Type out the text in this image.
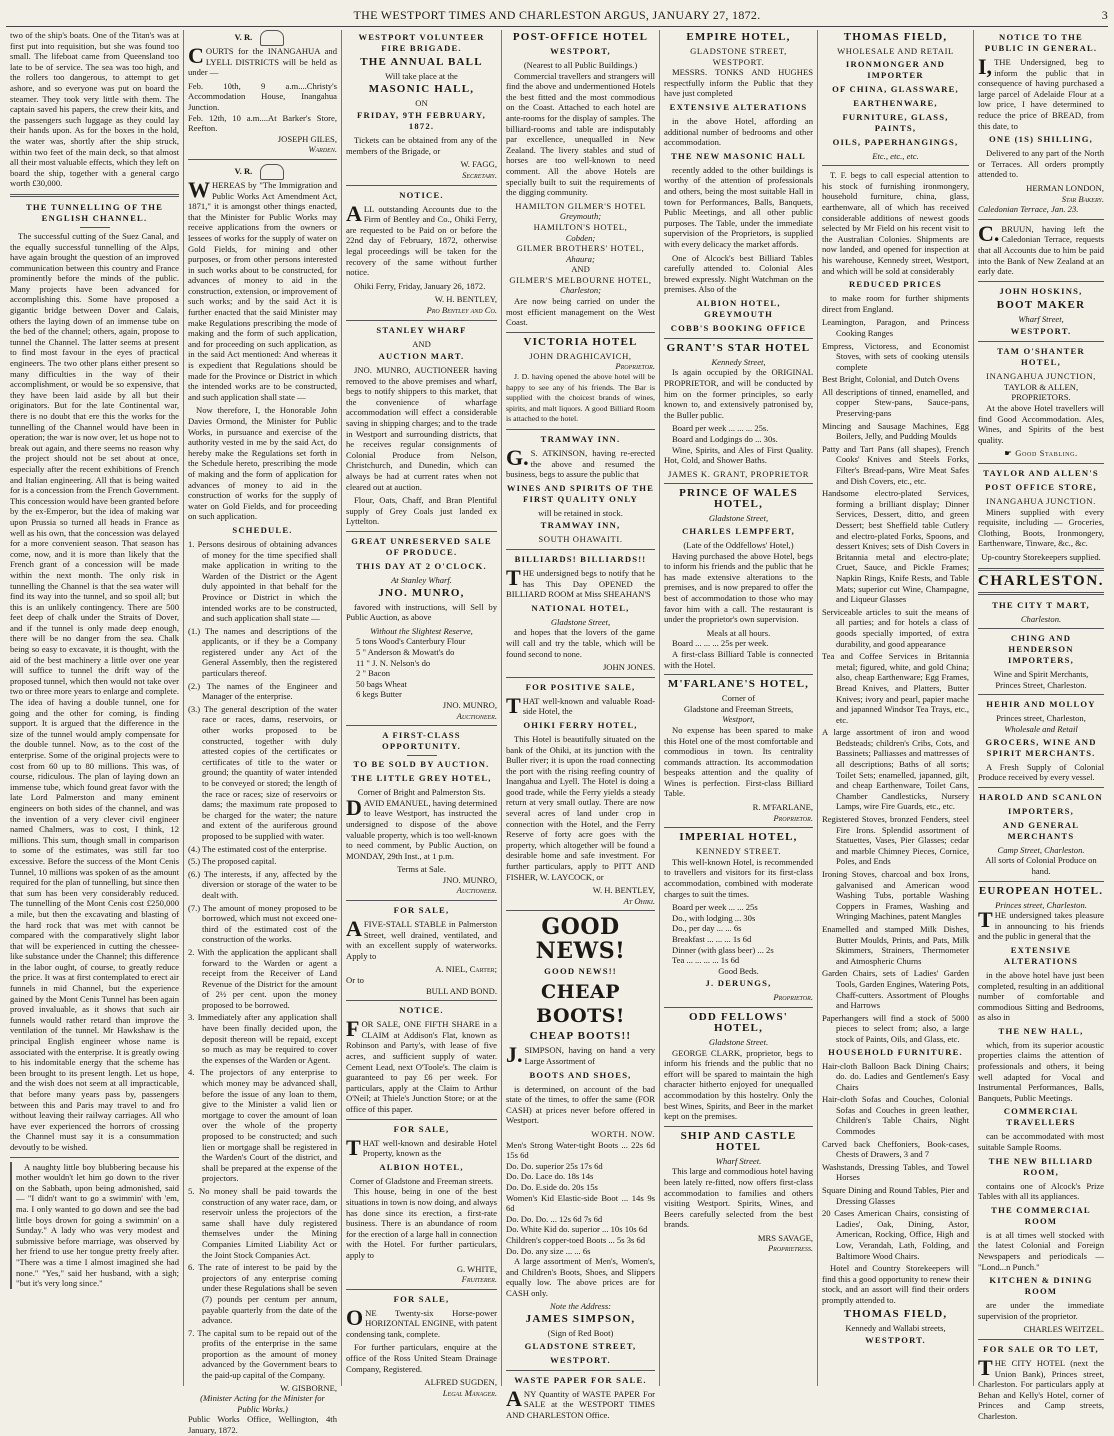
THE WESTPORT TIMES AND CHARLESTON ARGUS, JANUARY 27, 1872.	3

two of the ship's boats. One of the Titan's was at first put into requisition, but she was found too small. The lifeboat came from Queensland too late to be of service. The sea was too high, and the rollers too dangerous, to attempt to get ashore, and so everyone was put on board the steamer. They took very little with them. The captain saved his papers, the crew their kits, and the passengers such luggage as they could lay their hands upon. As for the boxes in the hold, the water was, shortly after the ship struck, within two feet of the main deck, so that almost all their most valuable effects, which they left on board the ship, together with a general cargo worth £30,000.

THE TUNNELLING OF THE ENGLISH CHANNEL.

The successful cutting of the Suez Canal, and the equally successful tunnelling of the Alps, have again brought the question of an improved communication between this country and France prominently before the minds of the public. Many projects have been advanced for accomplishing this. Some have proposed a gigantic bridge between Dover and Calais, others the laying down of an immense tube on the bed of the channel; others, again, propose to tunnel the Channel. The latter seems at present to find most favour in the eyes of practical engineers. The two other plans either present so many difficulties in the way of their accomplishment, or would be so expensive, that they have been laid aside by all but their originators. But for the late Continental war, there is no doubt that ere this the works for the tunnelling of the Channel would have been in operation; the war is now over, let us hope not to break out again, and there seems no reason why the project should not be set about at once, especially after the recent exhibitions of French and Italian engineering. All that is being waited for is a concession from the French Government. This concession would have been granted before by the ex-Emperor, but the idea of making war upon Prussia so turned all heads in France as well as his own, that the concession was delayed for a more convenient season. That season has come, now, and it is more than likely that the French grant of a concession will be made within the next month. The only risk in tunnelling the Channel is that the sea water will find its way into the tunnel, and so spoil all; but this is an unlikely contingency. There are 500 feet deep of chalk under the Straits of Dover, and if the tunnel is only made deep enough, there will be no danger from the sea. Chalk being so easy to excavate, it is thought, with the aid of the best machinery a little over one year will suffice to tunnel the drift way of the proposed tunnel, which then would not take over two or three more years to enlarge and complete. The idea of having a double tunnel, one for going and the other for coming, is finding support. It is argued that the difference in the size of the tunnel would amply compensate for the double tunnel. Now, as to the cost of the enterprise. Some of the original projects were to cost from 60 up to 80 millions. This was, of course, ridiculous. The plan of laying down an immense tube, which found great favor with the late Lord Palmerston and many eminent engineers on both sides of the channel, and was the invention of a very clever civil engineer named Chalmers, was to cost, I think, 12 millions. This sum, though small in comparison to some of the estimates, was still far too excessive. Before the success of the Mont Cenis Tunnel, 10 millions was spoken of as the amount required for the plan of tunnelling, but since then that sum has been very considerably reduced. The tunnelling of the Mont Cenis cost £250,000 a mile, but then the excavating and blasting of the hard rock that was met with cannot be compared with the comparatively slight labor that will be experienced in cutting the chessee-like substance under the Channel; this difference in the labor ought, of course, to greatly reduce the price. It was at first contemplated to erect air funnels in mid Channel, but the experience gained by the Mont Cenis Tunnel has been again proved invaluable, as it shows that such air funnels would rather retard than improve the ventilation of the tunnel. Mr Hawkshaw is the principal English engineer whose name is associated with the enterprise. It is greatly owing to his indomitable energy that the scheme has been brought to its present length. Let us hope, and the wish does not seem at all impracticable, that before many years pass by, passengers between this and Paris may travel to and fro without leaving their railway carriages. All who have ever experienced the horrors of crossing the Channel must say it is a consummation devoutly to be wished.

A naughty little boy blubbering because his mother wouldn't let him go down to the river on the Sabbath, upon being admonished, said — "I didn't want to go a swimmin' with 'em, ma. I only wanted to go down and see the bad little boys drown for going a swimmin' on a Sunday." A lady who was very modest and submissive before marriage, was observed by her friend to use her tongue pretty freely after. "There was a time I almost imagined she had none." "Yes," said her husband, with a sigh; "but it's very long since."

V. R.

COURTS for the INANGAHUA and LYELL DISTRICTS will be held as under —

Feb. 10th, 9 a.m....Christy's Accommodation House, Inangahua Junction.
Feb. 12th, 10 a.m....At Barker's Store, Reefton.
JOSEPH GILES,
Warden.
V. R.

WHEREAS by "The Immigration and Public Works Act Amendment Act, 1871," it is amongst other things enacted, that the Minister for Public Works may receive applications from the owners or lessees of works for the supply of water on Gold Fields, for mining and other purposes, or from other persons interested in such works about to be constructed, for advances of money to aid in the construction, extension, or improvement of such works; and by the said Act it is further enacted that the said Minister may make Regulations prescribing the mode of making and the form of such application, and for proceeding on such application, as in the said Act mentioned: And whereas it is expedient that Regulations should be made for the Province or District in which the intended works are to be constructed, and such application shall state —

Now therefore, I, the Honorable John Davies Ormond, the Minister for Public Works, in pursuance and exercise of the authority vested in me by the said Act, do hereby make the Regulations set forth in the Schedule hereto, prescribing the mode of making and the form of application for advances of money to aid in the construction of works for the supply of water on Gold Fields, and for proceeding on such application.

SCHEDULE.
1. Persons desirous of obtaining advances of money for the time specified shall make application in writing to the Warden of the District or the Agent duly appointed in that behalf for the Province or District in which the intended works are to be constructed, and such application shall state —
(1.) The names and descriptions of the applicants, or if they be a Company registered under any Act of the General Assembly, then the registered particulars thereof.
(2.) The names of the Engineer and Manager of the enterprise.
(3.) The general description of the water race or races, dams, reservoirs, or other works proposed to be constructed, together with duly attested copies of the certificates or certificates of title to the water or ground; the quantity of water intended to be conveyed or stored; the length of the race or races; size of reservoirs or dams; the maximum rate proposed to be charged for the water; the nature and extent of the auriferous ground proposed to be supplied with water.
(4.) The estimated cost of the enterprise.
(5.) The proposed capital.
(6.) The interests, if any, affected by the diversion or storage of the water to be dealt with.
(7.) The amount of money proposed to be borrowed, which must not exceed one-third of the estimated cost of the construction of the works.
2. With the application the applicant shall forward to the Warden or agent a receipt from the Receiver of Land Revenue of the District for the amount of 2½ per cent. upon the money proposed to be borrowed.
3. Immediately after any application shall have been finally decided upon, the deposit thereon will be repaid, except so much as may be required to cover the expenses of the Warden or Agent.
4. The projectors of any enterprise to which money may be advanced shall, before the issue of any loan to them, give to the Minister a valid lien or mortgage to cover the amount of loan over the whole of the property proposed to be constructed; and such lien or mortgage shall be registered in the Warden's Court of the district, and shall be prepared at the expense of the projectors.
5. No money shall be paid towards the construction of any water race, dam, or reservoir unless the projectors of the same shall have duly registered themselves under the Mining Companies Limited Liability Act or the Joint Stock Companies Act.
6. The rate of interest to be paid by the projectors of any enterprise coming under these Regulations shall be seven (7) pounds per centum per annum, payable quarterly from the date of the advance.
7. The capital sum to be repaid out of the profits of the enterprise in the same proportion as the amount of money advanced by the Government bears to the paid-up capital of the Company.
W. GISBORNE,
(Minister Acting for the Minister for Public Works.)
Public Works Office, Wellington, 4th January, 1872.
WESTPORT VOLUNTEER FIRE BRIGADE.
THE ANNUAL BALL
Will take place at the
MASONIC HALL,
ON
FRIDAY, 9TH FEBRUARY, 1872.

Tickets can be obtained from any of the members of the Brigade, or

W. FAGG,
Secretary.
NOTICE.

ALL outstanding Accounts due to the Firm of Bentley and Co., Ohiki Ferry, are requested to be Paid on or before the 22nd day of February, 1872, otherwise legal proceedings will be taken for the recovery of the same without further notice.

Ohiki Ferry, Friday, January 26, 1872.

W. H. BENTLEY,
Pro Bentley and Co.
STANLEY WHARF
AND
AUCTION MART.

JNO. MUNRO, AUCTIONEER having removed to the above premises and wharf, begs to notify shippers to this market, that the convenience of wharfage accommodation will effect a considerable saving in shipping charges; and to the trade in Westport and surrounding districts, that he receives regular consignments of Colonial Produce from Nelson, Christchurch, and Dunedin, which can always be had at current rates when not cleared out at auction.

Flour, Oats, Chaff, and Bran Plentiful supply of Grey Coals just landed ex Lyttelton.

GREAT UNRESERVED SALE OF PRODUCE.
THIS DAY AT 2 O'CLOCK.
At Stanley Wharf.
JNO. MUNRO,

favored with instructions, will Sell by Public Auction, as above

Without the Slightest Reserve,
5 tons Wood's Canterbury Flour
5 " Anderson & Mowatt's do
11 " J. N. Nelson's do
2 " Bacon
50 bags Wheat
6 kegs Butter
JNO. MUNRO,
Auctioneer.
A FIRST-CLASS OPPORTUNITY.
TO BE SOLD BY AUCTION.
THE LITTLE GREY HOTEL,
Corner of Bright and Palmerston Sts.

DAVID EMANUEL, having determined to leave Westport, has instructed the undersigned to dispose of the above valuable property, which is too well-known to need comment, by Public Auction, on MONDAY, 29th Inst., at 1 p.m.

Terms at Sale.
JNO. MUNRO,
Auctioneer.
FOR SALE,

AFIVE-STALL STABLE in Palmerston Street, well drained, ventilated, and with an excellent supply of waterworks. Apply to

A. NIEL, Carter;
Or to
BULL AND BOND.
NOTICE.

FOR SALE, ONE FIFTH SHARE in a CLAIM at Addison's Flat, known as Robinson and Party's, with lease of five acres, and sufficient supply of water. Cement Lead, next O'Toole's. The claim is guaranteed to pay £6 per week. For particulars, apply at the Claim to Arthur O'Neil; at Thiele's Junction Store; or at the office of this paper.

FOR SALE,

THAT well-known and desirable Hotel Property, known as the

ALBION HOTEL,
Corner of Gladstone and Freeman streets.

This house, being in one of the best situations in town is now doing, and always has done since its erection, a first-rate business. There is an abundance of room for the erection of a large hall in connection with the Hotel. For further particulars, apply to

G. WHITE,
Fruiterer.
FOR SALE,

ONE Twenty-six Horse-power HORIZONTAL ENGINE, with patent condensing tank, complete.

For further particulars, enquire at the office of the Ross United Steam Drainage Company, Registered.

ALFRED SUGDEN,
Legal Manager.
POST-OFFICE HOTEL
WESTPORT,
(Nearest to all Public Buildings.)

Commercial travellers and strangers will find the above and undermentioned Hotels the best fitted and the most commodious on the Coast. Attached to each hotel are ante-rooms for the display of samples. The billiard-rooms and table are indisputably par excellence, unequalled in New Zealand. The livery stables and stud of horses are too well-known to need comment. All the above Hotels are specially built to suit the requirements of the digging community.

HAMILTON GILMER'S HOTEL
Greymouth;
HAMILTON'S HOTEL,
Cobden;
GILMER BROTHERS' HOTEL,
Ahaura;
AND
GILMER'S MELBOURNE HOTEL,
Charleston;

Are now being carried on under the most efficient management on the West Coast.

VICTORIA HOTEL
JOHN DRAGHICAVICH,
Proprietor.

J. D. having opened the above hotel will be happy to see any of his friends. The Bar is supplied with the choicest brands of wines, spirits, and malt liquors. A good Billiard Room is attached to the hotel.

TRAMWAY INN.

G.S. ATKINSON, having re-erected the above and resumed the business, begs to assure the public that

WINES AND SPIRITS OF THE FIRST QUALITY ONLY
will be retained in stock.
TRAMWAY INN,
SOUTH OHAWAITI.
BILLIARDS! BILLIARDS!!

THE undersigned begs to notify that he has This Day OPENED the BILLIARD ROOM at Miss SHEAHAN'S

NATIONAL HOTEL,
Gladstone Street,

and hopes that the lovers of the game will call and try the table, which will be found second to none.

JOHN JONES.
FOR POSITIVE SALE,

THAT well-known and valuable Road-side Hotel, the

OHIKI FERRY HOTEL,

This Hotel is beautifully situated on the bank of the Ohiki, at its junction with the Buller river; it is upon the road connecting the port with the rising reefing country of Inangahua and Lyell. The Hotel is doing a good trade, while the Ferry yields a steady return at very small outlay. There are now several acres of land under crop in connection with the Hotel, and the Ferry Reserve of forty acre goes with the property, which altogether will be found a desirable home and safe investment. For further particulars, apply to PITT AND FISHER, W. LAYCOCK, or

W. H. BENTLEY,
At Ohiki.
GOOD NEWS!
GOOD NEWS!!
CHEAP BOOTS!
CHEAP BOOTS!!

J.SIMPSON, having on hand a very Large Assortment of

BOOTS AND SHOES,

is determined, on account of the bad state of the times, to offer the same (FOR CASH) at prices never before offered in Westport.

WORTH. NOW.
Men's Strong Water-tight Boots ... 22s 6d 15s 6d
Do. Do. superior 25s 17s 6d
Do. Do. Lace do. 18s 14s
Do. Do. E.side do. 20s 15s
Women's Kid Elastic-side Boot ... 14s 9s 6d
Do. Do. Do. ... 12s 6d 7s 6d
Do. White Kid do. superior ... 10s 10s 6d
Children's copper-toed Boots ... 5s 3s 6d
Do. Do. any size ... ... 6s

A large assortment of Men's, Women's, and Children's Boots, Shoes, and Slippers equally low. The above prices are for CASH only.

Note the Address:
JAMES SIMPSON,
(Sign of Red Boot)
GLADSTONE STREET,
WESTPORT.
WASTE PAPER FOR SALE.

ANY Quantity of WASTE PAPER For SALE at the WESTPORT TIMES AND CHARLESTON Office.

EMPIRE HOTEL,
GLADSTONE STREET,
WESTPORT.

MESSRS. TONKS AND HUGHES respectfully inform the Public that they have just completed

EXTENSIVE ALTERATIONS

in the above Hotel, affording an additional number of bedrooms and other accommodation.

THE NEW MASONIC HALL

recently added to the other buildings is worthy of the attention of professionals and others, being the most suitable Hall in town for Performances, Balls, Banquets, Public Meetings, and all other public purposes. The Table, under the immediate supervision of the Proprietors, is supplied with every delicacy the market affords.

One of Alcock's best Billiard Tables carefully attended to. Colonial Ales brewed expressly. Night Watchman on the premises. Also of the

ALBION HOTEL, GREYMOUTH
COBB'S BOOKING OFFICE
GRANT'S STAR HOTEL
Kennedy Street,

Is again occupied by the ORIGINAL PROPRIETOR, and will be conducted by him on the former principles, so early known to, and extensively patronised by, the Buller public.

Board per week ... ... ... 25s.
Board and Lodgings do ... 30s.

Wine, Spirits, and Ales of First Quality. Hot, Cold, and Shower Baths.

JAMES K. GRANT, PROPRIETOR
PRINCE OF WALES HOTEL,
Gladstone Street,
CHARLES LEMPFERT,
(Late of the Oddfellows' Hotel,)

Having purchased the above Hotel, begs to inform his friends and the public that he has made extensive alterations to the premises, and is now prepared to offer the best of accommodation to those who may favor him with a call. The restaurant is under the proprietor's own supervision.

Meals at all hours.
Board ... ... ... 25s per week.

A first-class Billiard Table is connected with the Hotel.

M'FARLANE'S HOTEL,
Corner of
Gladstone and Freeman Streets,
Westport,

No expense has been spared to make this Hotel one of the most comfortable and commodious in town. Its centrality commands attraction. Its accommodation bespeaks attention and the quality of Wines is perfection. First-class Billiard Table.

R. M'FARLANE,
Proprietor.
IMPERIAL HOTEL,
KENNEDY STREET.

This well-known Hotel, is recommended to travellers and visitors for its first-class accommodation, combined with moderate charges to suit the times.

Board per week ... ... 25s
Do., with lodging ... 30s
Do., per day ... ... 6s
Breakfast ... ... ... 1s 6d
Dinner (with glass beer) ... 2s
Tea ... ... ... ... 1s 6d
Good Beds.
J. DERUNGS,
Proprietor.
ODD FELLOWS' HOTEL,
Gladstone Street.

GEORGE CLARK, proprietor, begs to inform his friends and the public that no effort will be spared to maintain the high character hitherto enjoyed for unequalled accommodation by this hostelry. Only the best Wines, Spirits, and Beer in the market kept on the premises.

SHIP AND CASTLE HOTEL
Wharf Street.

This large and commodious hotel having been lately re-fitted, now offers first-class accommodation to families and others visiting Westport. Spirits, Wines, and Beers carefully selected from the best brands.

MRS SAVAGE,
Proprietress.
THOMAS FIELD,
WHOLESALE AND RETAIL
IRONMONGER AND IMPORTER
OF CHINA, GLASSWARE,
EARTHENWARE,
FURNITURE, GLASS, PAINTS,
OILS, PAPERHANGINGS,
Etc., etc., etc.

T. F. begs to call especial attention to his stock of furnishing ironmongery, household furniture, china, glass, earthenware, all of which has received considerable additions of newest goods selected by Mr Field on his recent visit to the Australian Colonies. Shipments are now landed, and opened for inspection at his warehouse, Kennedy street, Westport, and which will be sold at considerably

REDUCED PRICES

to make room for further shipments direct from England.

Leamington, Paragon, and Princess Cooking Ranges
Empress, Victoress, and Economist Stoves, with sets of cooking utensils complete
Best Bright, Colonial, and Dutch Ovens
All descriptions of tinned, enamelled, and copper Stew-pans, Sauce-pans, Preserving-pans
Mincing and Sausage Machines, Egg Boilers, Jelly, and Pudding Moulds
Patty and Tart Pans (all shapes), French Cooks' Knives and Steels Forks, Filter's Bread-pans, Wire Meat Safes and Dish Covers, etc., etc.
Handsome electro-plated Services, forming a brilliant display; Dinner Services, Dessert, ditto, and green Dessert; best Sheffield table Cutlery and electro-plated Forks, Spoons, and dessert Knives; sets of Dish Covers in Britannia metal and electro-plate; Cruet, Sauce, and Pickle Frames; Napkin Rings, Knife Rests, and Table Mats; superior cut Wine, Champagne, and Liqueur Glasses
Serviceable articles to suit the means of all parties; and for hotels a class of goods specially imported, of extra durability, and good appearance
Tea and Coffee Services in Britannia metal; figured, white, and gold China; also, cheap Earthenware; Egg Frames, Bread Knives, and Platters, Butter Knives; ivory and pearl, papier mache and japanned Windsor Tea Trays, etc., etc.
A large assortment of iron and wood Bedsteads; children's Cribs, Cots, and Bassinets; Palliasses and mattresses of all descriptions; Baths of all sorts; Toilet Sets; enamelled, japanned, gilt, and cheap Earthenware, Toilet Cans, Chamber Candlesticks, Nursery Lamps, wire Fire Guards, etc., etc.
Registered Stoves, bronzed Fenders, steel Fire Irons. Splendid assortment of Statuettes, Vases, Pier Glasses; cedar and marble Chimney Pieces, Cornice, Poles, and Ends
Ironing Stoves, charcoal and box Irons, galvanised and American wood Washing Tubs, portable Washing Coppers in Frames, Washing and Wringing Machines, patent Mangles
Enamelled and stamped Milk Dishes, Butter Moulds, Prints, and Pats, Milk Skimmers, Strainers, Thermometer and Atmospheric Churns
Garden Chairs, sets of Ladies' Garden Tools, Garden Engines, Watering Pots, Chaff-cutters. Assortment of Ploughs and Harrows
Paperhangers will find a stock of 5000 pieces to select from; also, a large stock of Paints, Oils, and Glass, etc.
HOUSEHOLD FURNITURE.
Hair-cloth Balloon Back Dining Chairs; do. do. Ladies and Gentlemen's Easy Chairs
Hair-cloth Sofas and Couches, Colonial Sofas and Couches in green leather, Children's Table Chairs, Night Commodes
Carved back Cheffoniers, Book-cases, Chests of Drawers, 3 and 7
Washstands, Dressing Tables, and Towel Horses
Square Dining and Round Tables, Pier and Dressing Glasses
20 Cases American Chairs, consisting of Ladies', Oak, Dining, Astor, American, Rocking, Office, High and Low, Verandah, Lath, Folding, and Baltimore Wood Chairs.

Hotel and Country Storekeepers will find this a good opportunity to renew their stock, and an assort will find their orders promptly attended to.

THOMAS FIELD,
Kennedy and Wallabi streets,
WESTPORT.
NOTICE TO THE PUBLIC IN GENERAL.

I,THE Undersigned, beg to inform the public that in consequence of having purchased a large parcel of Adelaide Flour at a low price, I have determined to reduce the price of BREAD, from this date, to

ONE (1S) SHILLING,

Delivered to any part of the North or Terraces. All orders promptly attended to.

HERMAN LONDON,
Star Bakery.
Caledonian Terrace, Jan. 23.

C.BRUUN, having left the Caledonian Terrace, requests that all Accounts due to him be paid into the Bank of New Zealand at an early date.

JOHN HOSKINS,
BOOT MAKER
Wharf Street,
WESTPORT.
TAM O'SHANTER HOTEL,
INANGAHUA JUNCTION,
TAYLOR & ALLEN, PROPRIETORS.

At the above Hotel travellers will find Good Accommodation. Ales, Wines, and Spirits of the best quality.

☛ Good Stabling.
TAYLOR AND ALLEN'S
POST OFFICE STORE,
INANGAHUA JUNCTION.

Miners supplied with every requisite, including — Groceries, Clothing, Boots, Ironmongery, Earthenware, Tinware, &c., &c.

Up-country Storekeepers supplied.
CHARLESTON.
THE CITY T MART,
Charleston.
CHING AND HENDERSON IMPORTERS,
Wine and Spirit Merchants,
Princes Street, Charleston.
HEHIR AND MOLLOY
Princes street, Charleston,
Wholesale and Retail
GROCERS, WINE AND SPIRIT MERCHANTS.

A Fresh Supply of Colonial Produce received by every vessel.

HAROLD AND SCANLON
IMPORTERS,
AND GENERAL MERCHANTS
Camp Street, Charleston.
All sorts of Colonial Produce on hand.
EUROPEAN HOTEL.
Princes street, Charleston.

THE undersigned takes pleasure in announcing to his friends and the public in general that the

EXTENSIVE ALTERATIONS

in the above hotel have just been completed, resulting in an additional number of comfortable and commodious Sitting and Bedrooms, as also in

THE NEW HALL,

which, from its superior acoustic properties claims the attention of professionals and others, it being well adapted for Vocal and Instrumental Performances, Balls, Banquets, Public Meetings.

COMMERCIAL TRAVELLERS

can be accommodated with most suitable Sample Rooms.

THE NEW BILLIARD ROOM,

contains one of Alcock's Prize Tables with all its appliances.

THE COMMERCIAL ROOM

is at all times well stocked with the latest Colonial and Foreign Newspapers and periodicals — "Lond...n Punch."

KITCHEN & DINING ROOM

are under the immediate supervision of the proprietor.

CHARLES WEITZEL.
FOR SALE OR TO LET,

THE CITY HOTEL (next the Union Bank), Princes street, Charleston. For particulars apply at Behan and Kelly's Hotel, corner of Princes and Camp streets, Charleston.
